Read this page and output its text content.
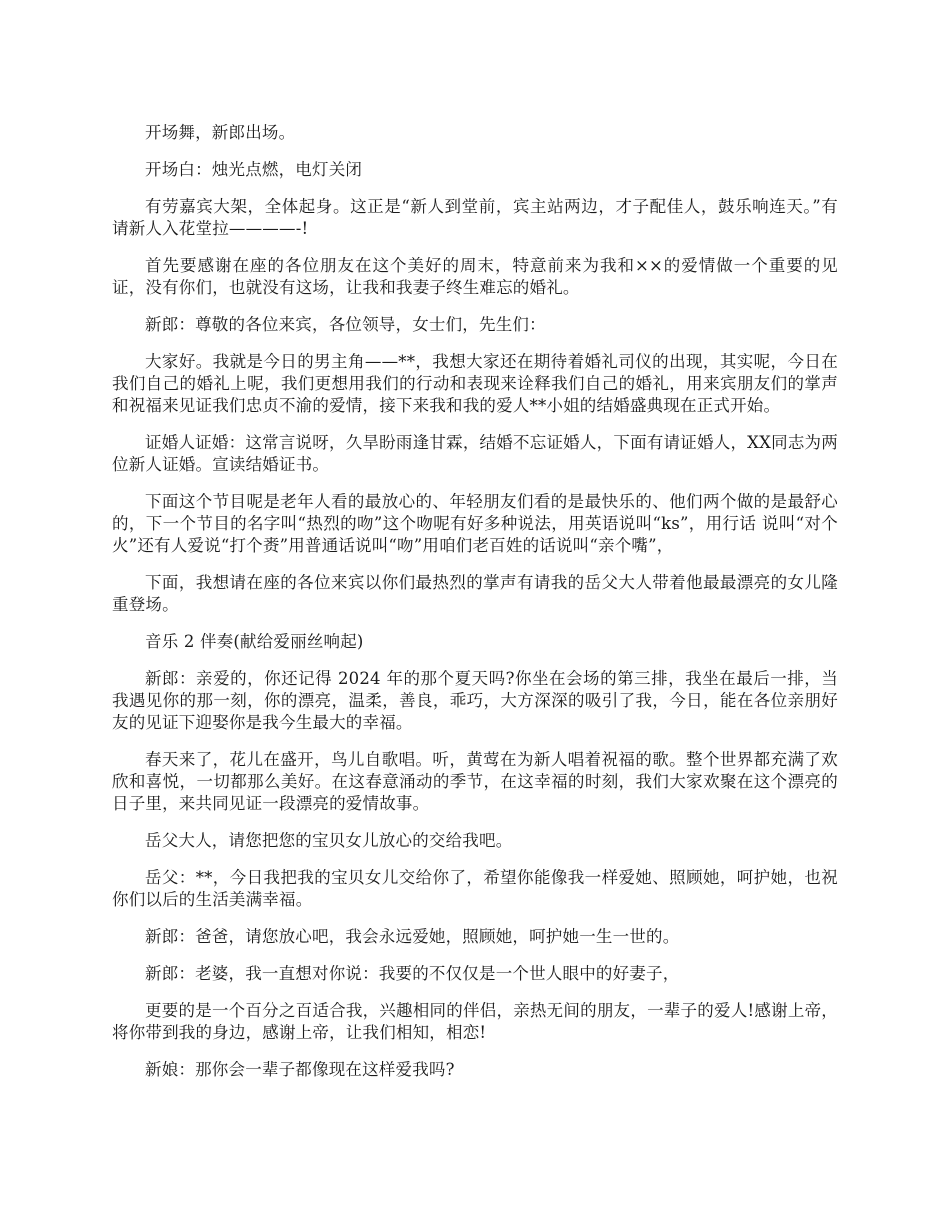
开场舞，新郎出场。

开场白：烛光点燃，电灯关闭

有劳嘉宾大架，全体起身。这正是“新人到堂前，宾主站两边，才子配佳人，鼓乐响连天。”有请新人入花堂拉————-!

首先要感谢在座的各位朋友在这个美好的周末，特意前来为我和××的爱情做一个重要的见证，没有你们，也就没有这场，让我和我妻子终生难忘的婚礼。

新郎：尊敬的各位来宾，各位领导，女士们，先生们：

大家好。我就是今日的男主角——**，我想大家还在期待着婚礼司仪的出现，其实呢，今日在我们自己的婚礼上呢，我们更想用我们的行动和表现来诠释我们自己的婚礼，用来宾朋友们的掌声和祝福来见证我们忠贞不渝的爱情，接下来我和我的爱人**小姐的结婚盛典现在正式开始。

证婚人证婚：这常言说呀，久旱盼雨逢甘霖，结婚不忘证婚人，下面有请证婚人，XX同志为两位新人证婚。宣读结婚证书。

下面这个节目呢是老年人看的最放心的、年轻朋友们看的是最快乐的、他们两个做的是最舒心的，下一个节目的名字叫“热烈的吻”这个吻呢有好多种说法，用英语说叫“ks”，用行话 说叫“对个火”还有人爱说“打个赉”用普通话说叫“吻”用咱们老百姓的话说叫“亲个嘴”，

下面，我想请在座的各位来宾以你们最热烈的掌声有请我的岳父大人带着他最最漂亮的女儿隆重登场。

音乐 2 伴奏(献给爱丽丝响起)

新郎：亲爱的，你还记得 2024 年的那个夏天吗?你坐在会场的第三排，我坐在最后一排，当我遇见你的那一刻，你的漂亮，温柔，善良，乖巧，大方深深的吸引了我，今日，能在各位亲朋好友的见证下迎娶你是我今生最大的幸福。

春天来了，花儿在盛开，鸟儿自歌唱。听，黄莺在为新人唱着祝福的歌。整个世界都充满了欢欣和喜悦，一切都那么美好。在这春意涌动的季节，在这幸福的时刻，我们大家欢聚在这个漂亮的日子里，来共同见证一段漂亮的爱情故事。

岳父大人，请您把您的宝贝女儿放心的交给我吧。

岳父：**，今日我把我的宝贝女儿交给你了，希望你能像我一样爱她、照顾她，呵护她，也祝你们以后的生活美满幸福。

新郎：爸爸，请您放心吧，我会永远爱她，照顾她，呵护她一生一世的。

新郎：老婆，我一直想对你说：我要的不仅仅是一个世人眼中的好妻子，

更要的是一个百分之百适合我，兴趣相同的伴侣，亲热无间的朋友，一辈子的爱人!感谢上帝，将你带到我的身边，感谢上帝，让我们相知，相恋!

新娘：那你会一辈子都像现在这样爱我吗?
